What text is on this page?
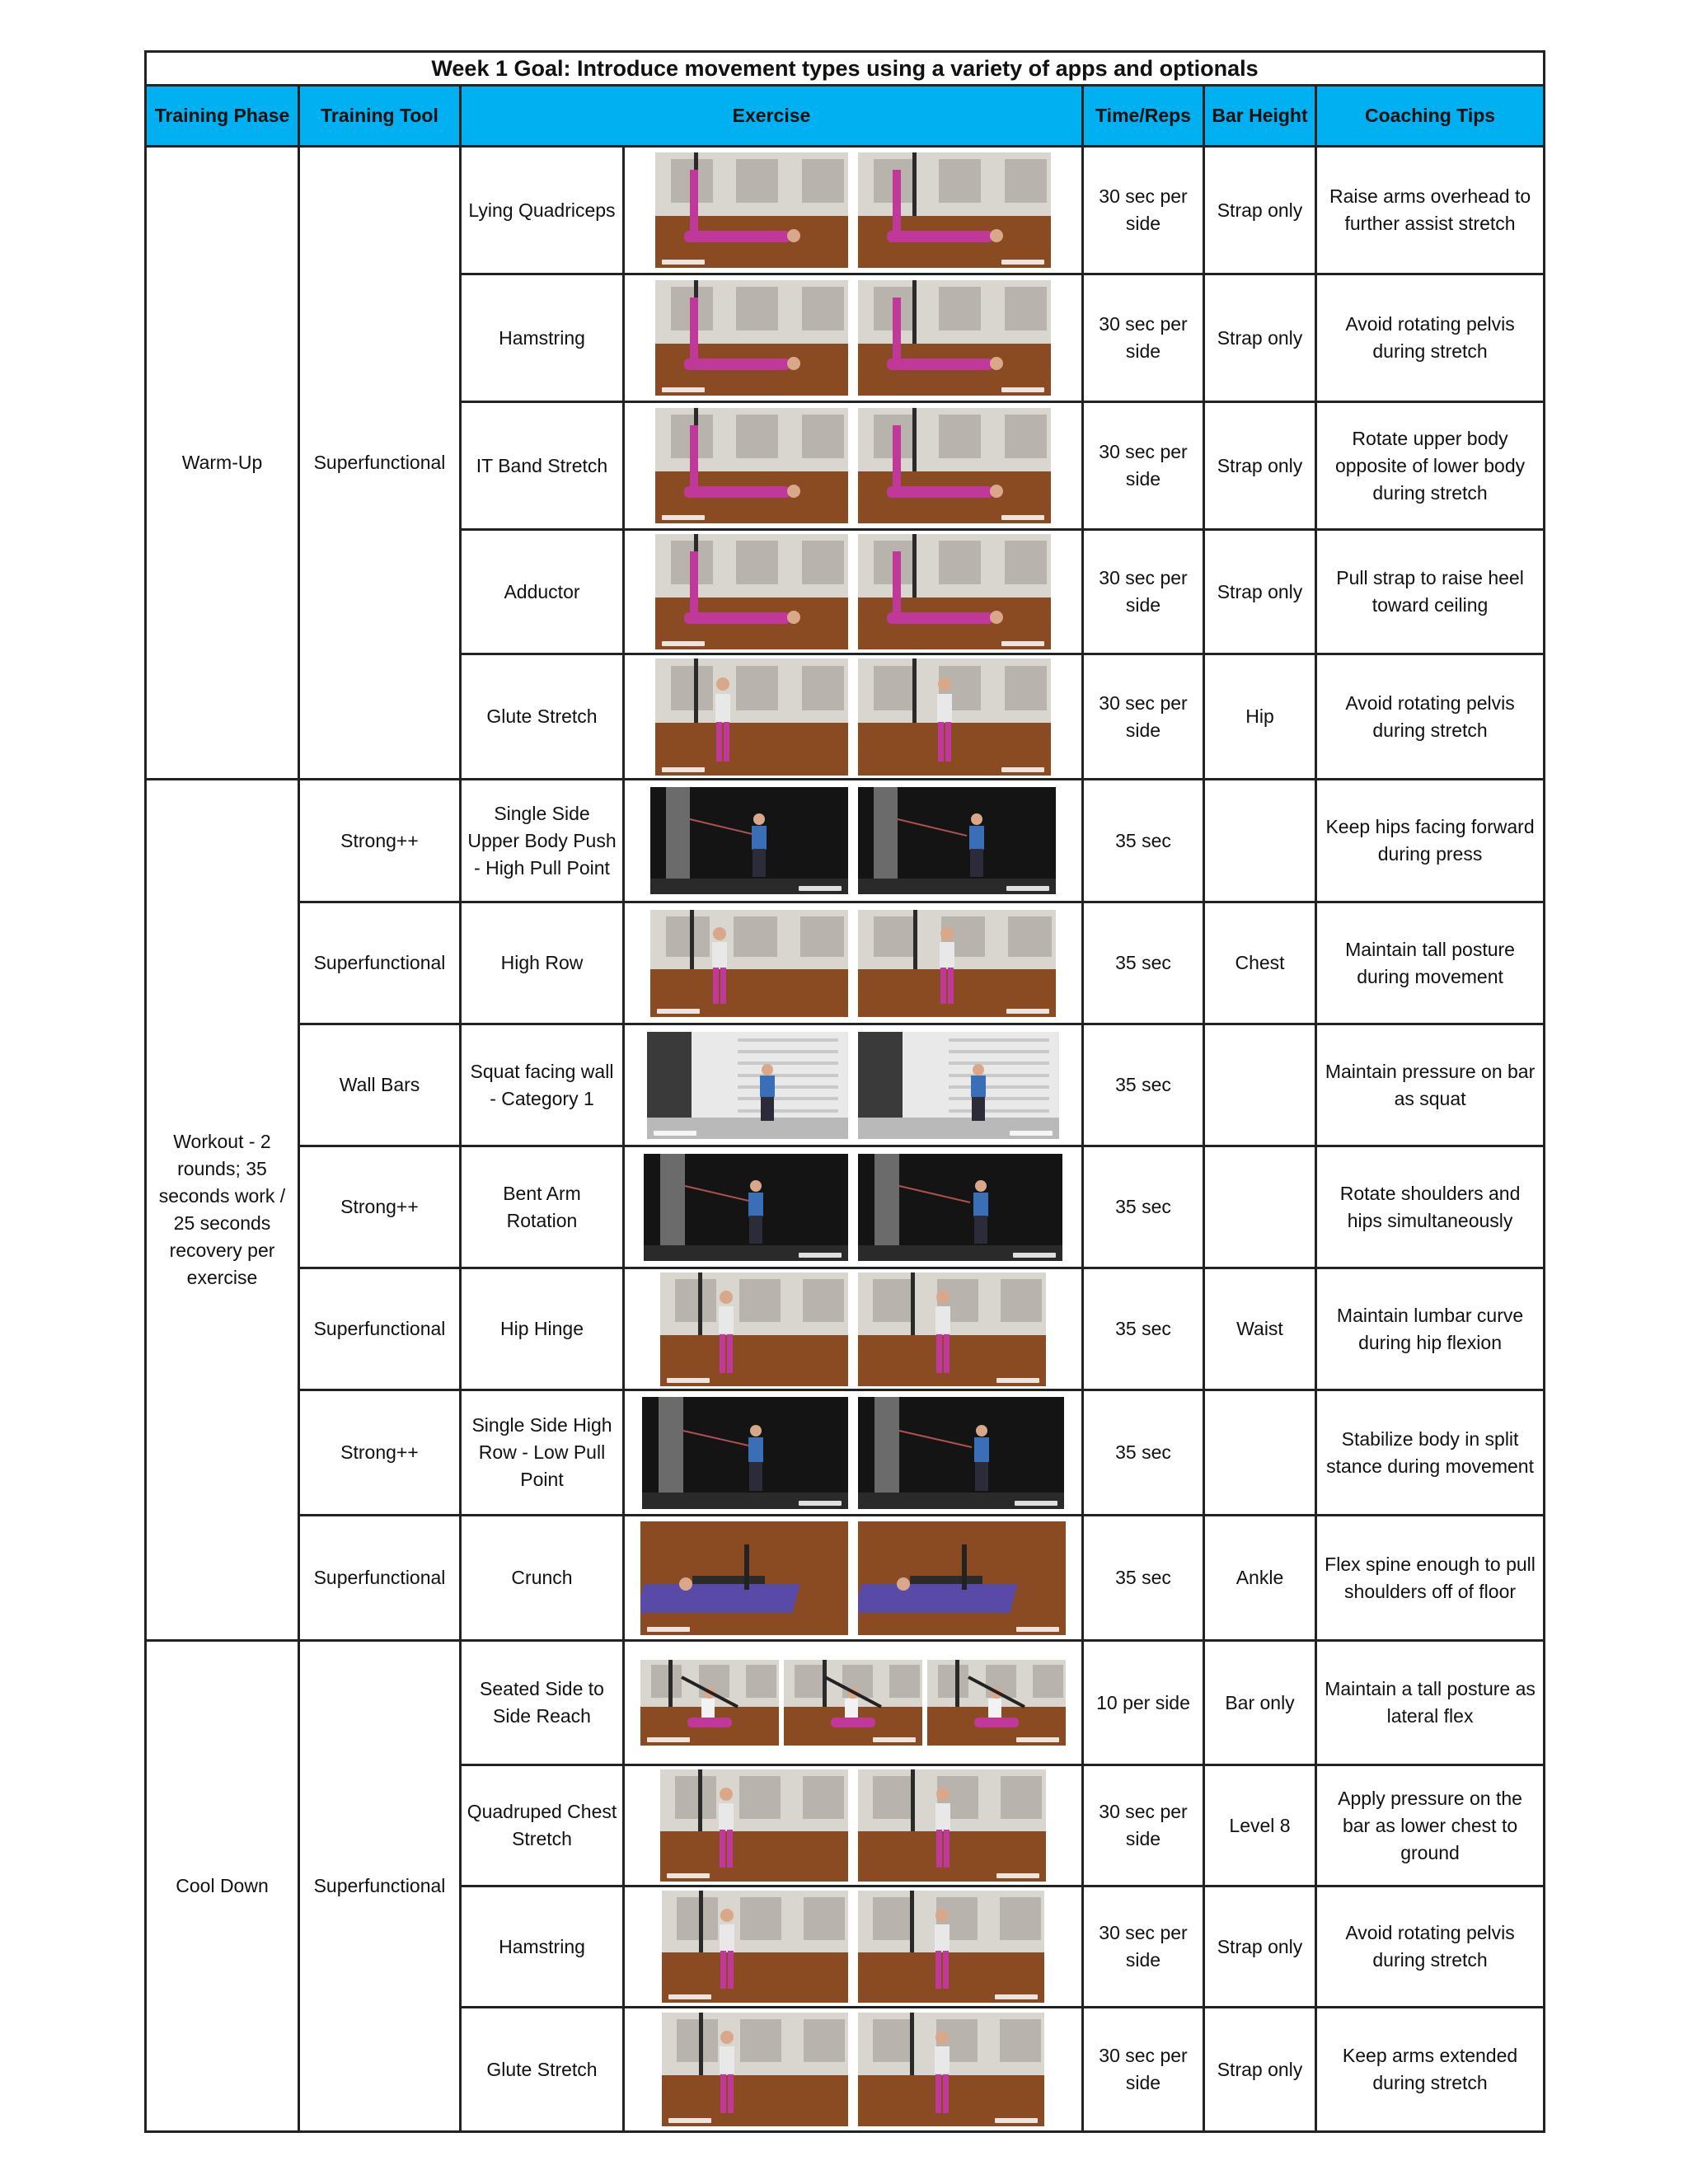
Week 1 Goal: Introduce movement types using a variety of apps and optionals						
Training Phase	Training Tool	Exercise		Time/Reps	Bar Height	Coaching Tips
Warm-Up	Superfunctional	Lying Quadriceps		30 sec per side	Strap only	Raise arms overhead to further assist stretch
		Hamstring		30 sec per side	Strap only	Avoid rotating pelvis during stretch
		IT Band Stretch		30 sec per side	Strap only	Rotate upper body opposite of lower body during stretch
		Adductor		30 sec per side	Strap only	Pull strap to raise heel toward ceiling
		Glute Stretch		30 sec per side	Hip	Avoid rotating pelvis during stretch
Workout - 2 rounds; 35 seconds work / 25 seconds recovery per exercise	Strong++	Single Side Upper Body Push - High Pull Point		35 sec		Keep hips facing forward during press
	Superfunctional	High Row		35 sec	Chest	Maintain tall posture during movement
	Wall Bars	Squat facing wall - Category 1		35 sec		Maintain pressure on bar as squat
	Strong++	Bent Arm Rotation		35 sec		Rotate shoulders and hips simultaneously
	Superfunctional	Hip Hinge		35 sec	Waist	Maintain lumbar curve during hip flexion
	Strong++	Single Side High Row - Low Pull Point		35 sec		Stabilize body in split stance during movement
	Superfunctional	Crunch		35 sec	Ankle	Flex spine enough to pull shoulders off of floor
Cool Down	Superfunctional	Seated Side to Side Reach		10 per side	Bar only	Maintain a tall posture as lateral flex
		Quadruped Chest Stretch		30 sec per side	Level 8	Apply pressure on the bar as lower chest to ground
		Hamstring		30 sec per side	Strap only	Avoid rotating pelvis during stretch
		Glute Stretch		30 sec per side	Strap only	Keep arms extended during stretch
